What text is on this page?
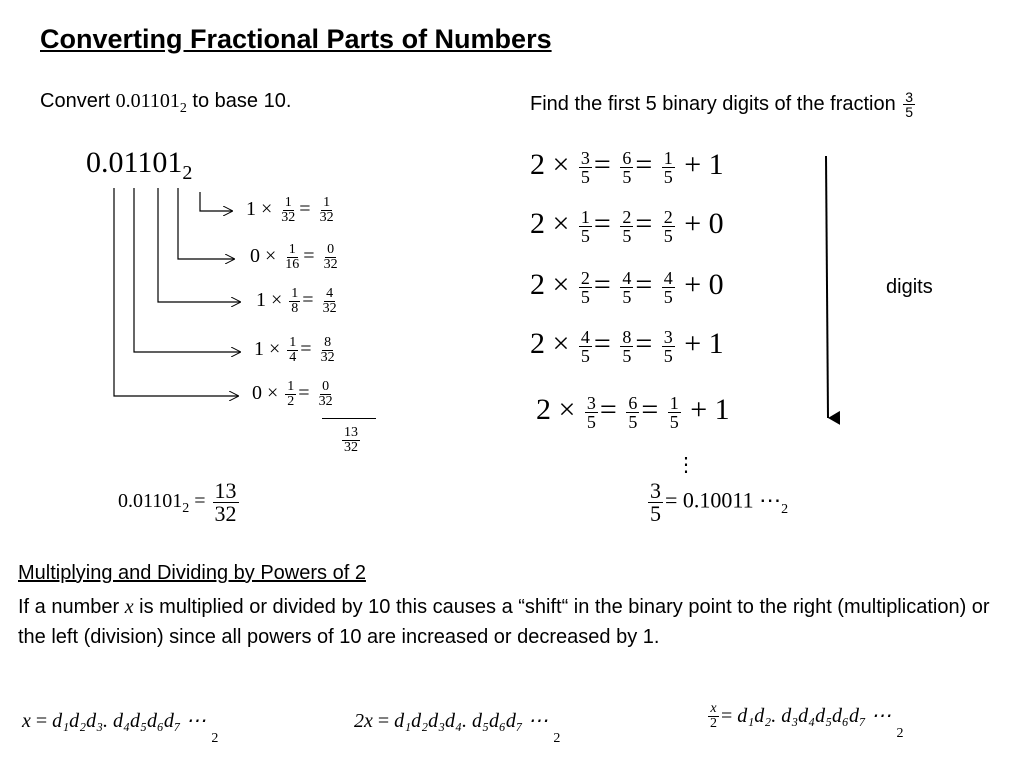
Converting Fractional Parts of Numbers
Convert $0.01101_2$ to base 10.	Find the first 5 binary digits of the fraction $\frac{3}{5}$
$0.01101_2$
$1 \times \frac{1}{32} = \frac{1}{32}$
$0 \times \frac{1}{16} = \frac{0}{32}$
$1 \times \frac{1}{8} = \frac{4}{32}$
$1 \times \frac{1}{4} = \frac{8}{32}$
$0 \times \frac{1}{2} = \frac{0}{32}$
$\frac{13}{32}$
$0.01101_2 = \frac{13}{32}$
$2 \times \frac{3}{5} = \frac{6}{5} = \frac{1}{5} + 1$
$2 \times \frac{1}{5} = \frac{2}{5} = \frac{2}{5} + 0$
$2 \times \frac{2}{5} = \frac{4}{5} = \frac{4}{5} + 0$
$2 \times \frac{4}{5} = \frac{8}{5} = \frac{3}{5} + 1$
$2 \times \frac{3}{5} = \frac{6}{5} = \frac{1}{5} + 1$
digits
⋮
$\frac{3}{5} = 0.10011$ $\cdots_2$
Multiplying and Dividing by Powers of 2
If a number x is multiplied or divided by 10 this causes a “shift“ in the binary point to the right (multiplication) or the left (division) since all powers of 10 are increased or decreased by 1.
x = d₁d₂d₃. d₄d₅d₆d₇ ⋯ $_2$
2x = d₁d₂d₃d₄. d₅d₆d₇ ⋯ $_2$
$\frac{x}{2} = d_1d_2$. d₃d₄d₅d₆d₇ ⋯ $_2$
